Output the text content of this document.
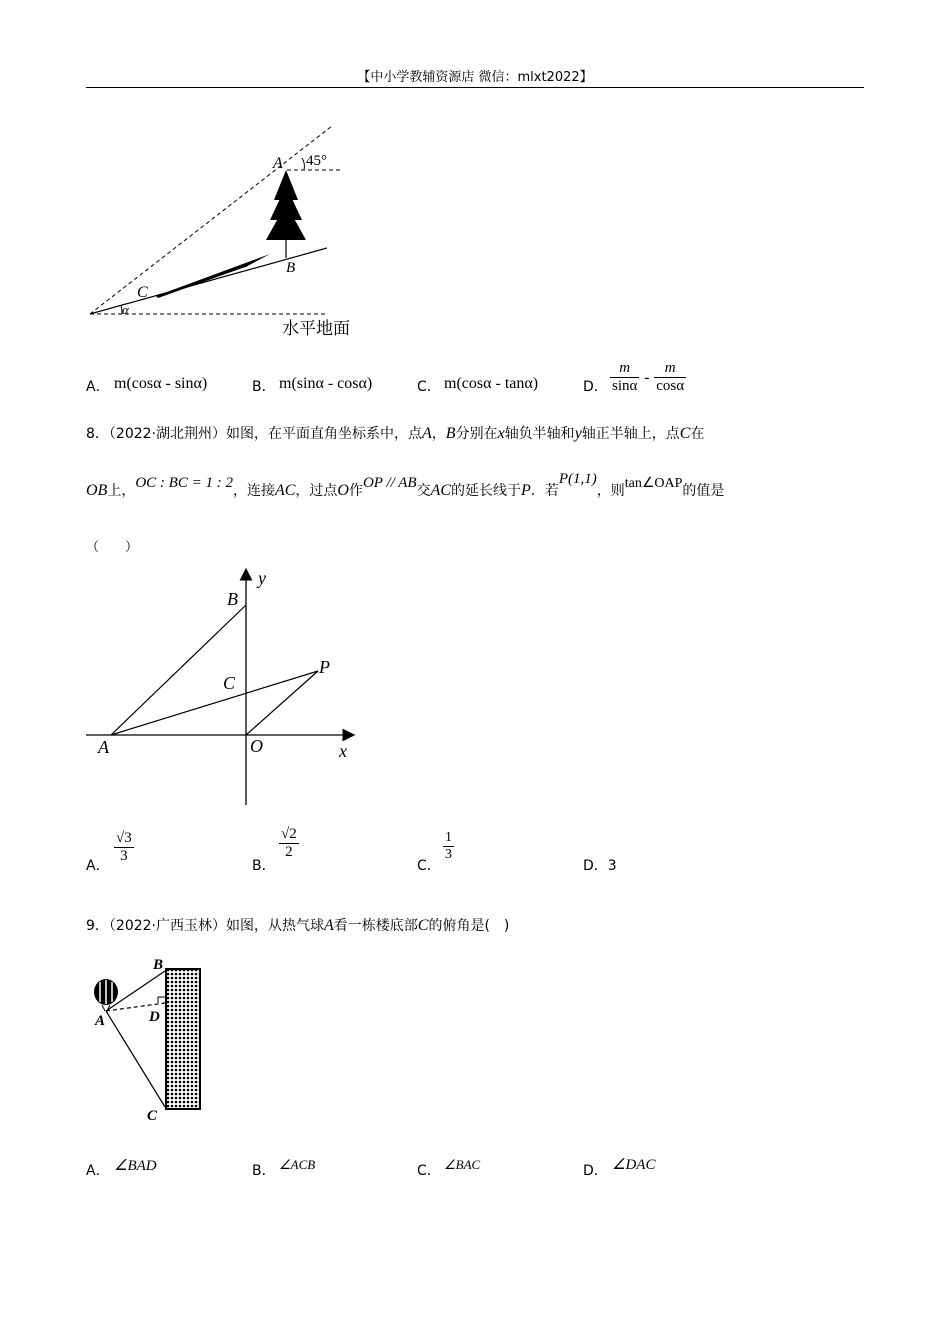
【中小学教辅资源店 微信：mlxt2022】
α
A 45°
B
C
水平地面
A． m(cosα - sinα)	B． m(sinα - cosα)	C． m(cosα - tanα)	D． $\frac{m}{\sin\alpha} - \frac{m}{\cos\alpha}$
8．（2022·湖北荆州）如图，在平面直角坐标系中，点A，B分别在x轴负半轴和y轴正半轴上，点C在
OB上，OC : BC = 1 : 2，连接AC，过点O作OP // AB交AC的延长线于P．若P(1,1)，则tan∠OAP的值是
（　　）
y
B
C
P
A	O	x
A．
$\frac{√3}{3}$
B．
$\frac{√2}{2}$
C．
$\frac{1}{3}$
D．3
9．（2022·广西玉林）如图，从热气球A看一栋楼底部C的俯角是(　)
B
D
A
C
A． ∠BAD	B． ∠ACB	C． ∠BAC	D． ∠DAC
